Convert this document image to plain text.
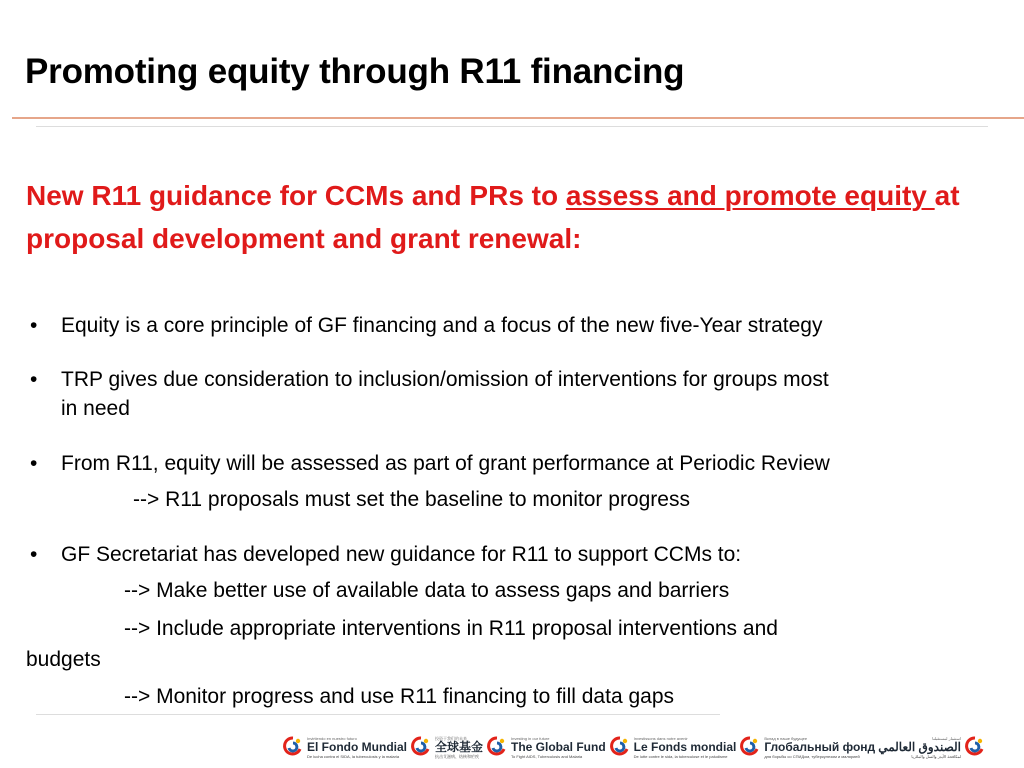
Promoting equity through R11 financing
New R11 guidance for CCMs and PRs to assess and promote equity at proposal development and grant renewal:
• Equity is a core principle of GF financing and a focus of the new five-Year strategy
• TRP gives due consideration to inclusion/omission of interventions for groups most
in need
• From R11, equity will be assessed as part of grant performance at Periodic Review
--> R11 proposals must set the baseline to monitor progress
• GF Secretariat has developed new guidance for R11 to support CCMs to:
--> Make better use of available data to assess gaps and barriers
--> Include appropriate interventions in R11 proposal interventions and
budgets
--> Monitor progress and use R11 financing to fill data gaps
Invirtiendo en nuestro futuro
El Fondo Mundial
De lucha contra el SIDA, la tuberculosis y la malaria
投资于我们的未来
全球基金
抗击艾滋病、结核和疟疾
Investing in our future
The Global Fund
To Fight AIDS, Tuberculosis and Malaria
Investissons dans notre avenir
Le Fonds mondial
De lutte contre le sida, la tuberculose et le paludisme
Вклад в наше будущее
Глобальный фонд
для борьбы со СПИДом, туберкулезом и малярией
استثمار لمستقبلنا
الصندوق العالمي
لمكافحة الأيدز والسل والملاريا
